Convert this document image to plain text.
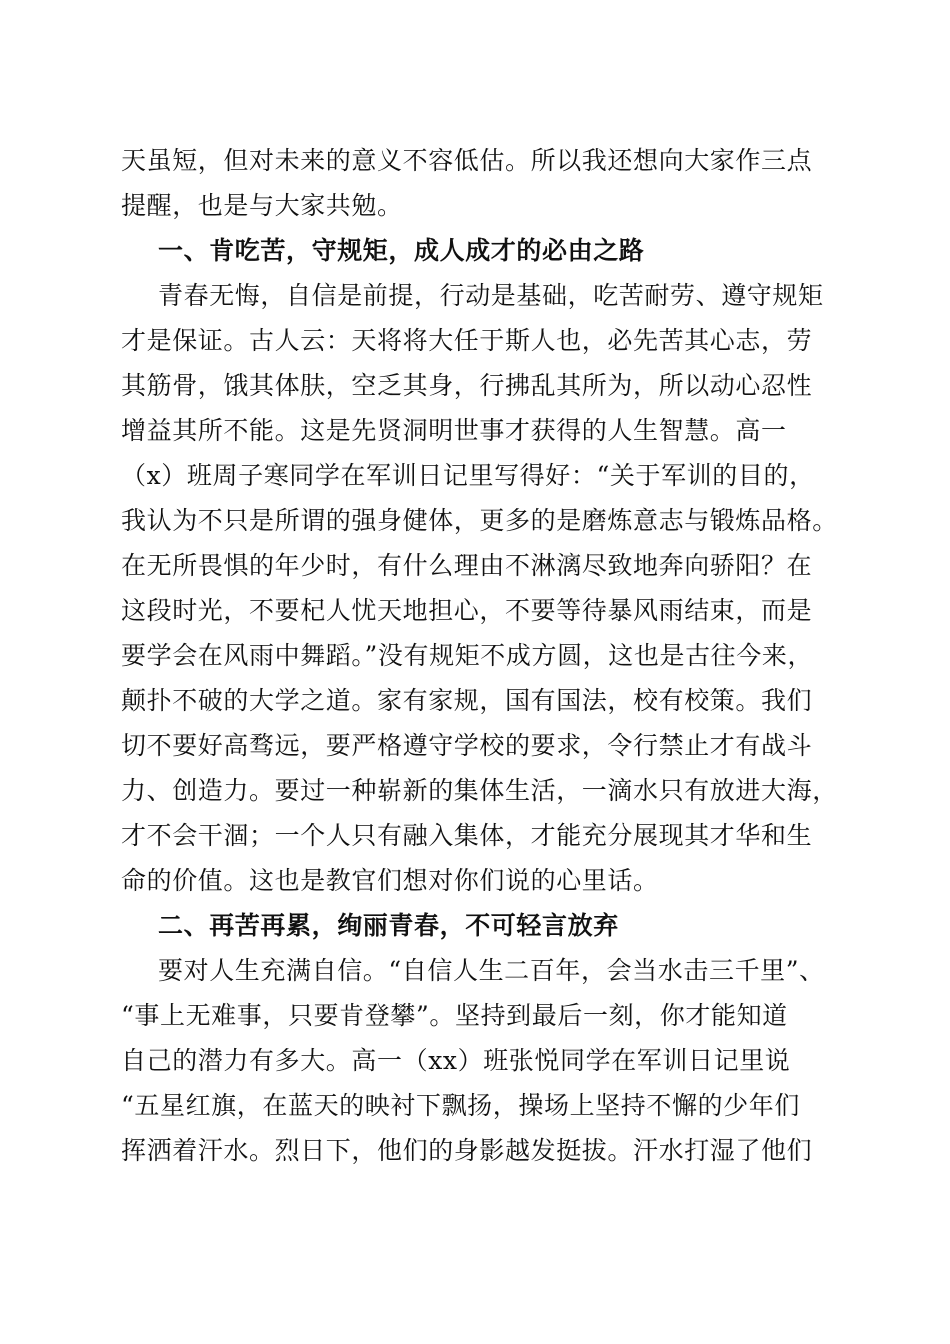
天虽短，但对未来的意义不容低估。所以我还想向大家作三点
提醒，也是与大家共勉。
一、肯吃苦，守规矩，成人成才的必由之路
青春无悔，自信是前提，行动是基础，吃苦耐劳、遵守规矩
才是保证。古人云：天将将大任于斯人也，必先苦其心志，劳
其筋骨，饿其体肤，空乏其身，行拂乱其所为，所以动心忍性
增益其所不能。这是先贤洞明世事才获得的人生智慧。高一
（x）班周子寒同学在军训日记里写得好：“关于军训的目的，
我认为不只是所谓的强身健体，更多的是磨炼意志与锻炼品格。
在无所畏惧的年少时，有什么理由不淋漓尽致地奔向骄阳？在
这段时光，不要杞人忧天地担心，不要等待暴风雨结束，而是
要学会在风雨中舞蹈。”没有规矩不成方圆，这也是古往今来，
颠扑不破的大学之道。家有家规，国有国法，校有校策。我们
切不要好高骛远，要严格遵守学校的要求，令行禁止才有战斗
力、创造力。要过一种崭新的集体生活，一滴水只有放进大海，
才不会干涸；一个人只有融入集体，才能充分展现其才华和生
命的价值。这也是教官们想对你们说的心里话。
二、再苦再累，绚丽青春，不可轻言放弃
要对人生充满自信。“自信人生二百年，会当水击三千里”、
“事上无难事，只要肯登攀”。坚持到最后一刻，你才能知道
自己的潜力有多大。高一（xx）班张悦同学在军训日记里说
“五星红旗，在蓝天的映衬下飘扬，操场上坚持不懈的少年们
挥洒着汗水。烈日下，他们的身影越发挺拔。汗水打湿了他们
